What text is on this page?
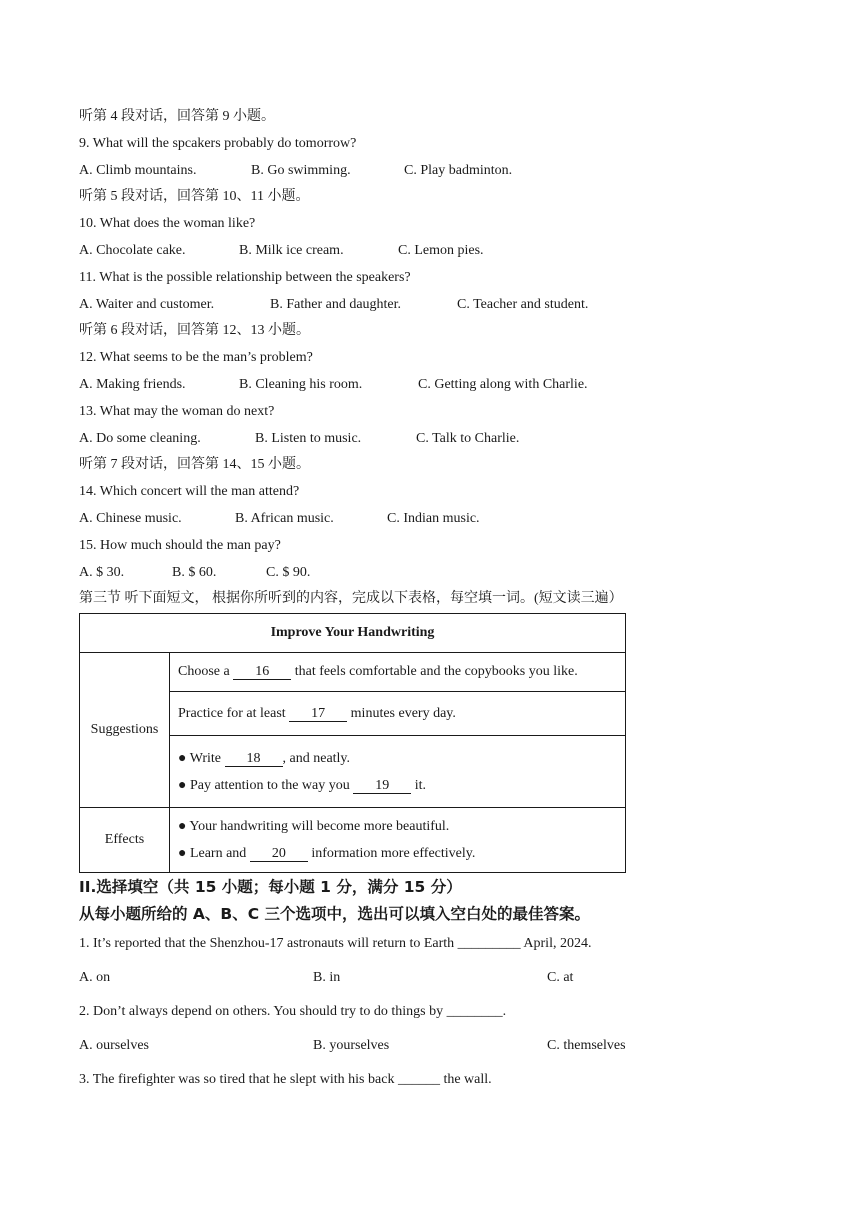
听第 4 段对话，回答第 9 小题。
9. What will the spcakers probably do tomorrow?
A. Climb mountains.	B. Go swimming.	C. Play badminton.
听第 5 段对话，回答第 10、11 小题。
10. What does the woman like?
A. Chocolate cake.	B. Milk ice cream.	C. Lemon pies.
11. What is the possible relationship between the speakers?
A. Waiter and customer.	B. Father and daughter.	C. Teacher and student.
听第 6 段对话，回答第 12、13 小题。
12. What seems to be the man’s problem?
A. Making friends.	B. Cleaning his room.	C. Getting along with Charlie.
13. What may the woman do next?
A. Do some cleaning.	B. Listen to music.	C. Talk to Charlie.
听第 7 段对话，回答第 14、15 小题。
14. Which concert will the man attend?
A. Chinese music.	B. African music.	C. Indian music.
15. How much should the man pay?
A. $ 30.	B. $ 60.	C. $ 90.
第三节 听下面短文， 根据你所听到的内容，完成以下表格，每空填一词。(短文读三遍）
Improve Your Handwriting	
Suggestions	Choose a 16 that feels comfortable and the copybooks you like.
	Practice for at least 17 minutes every day.

	● Write 18 , and neatly.
● Pay attention to the way you 19 it.

Effects	● Your handwriting will become more beautiful.
● Learn and 20 information more effectively.
II.选择填空（共 15 小题；每小题 1 分，满分 15 分）
从每小题所给的 A、B、C 三个选项中，选出可以填入空白处的最佳答案。
1. It’s reported that the Shenzhou-17 astronauts will return to Earth _________ April, 2024.
A. on	B. in	C. at
2. Don’t always depend on others. You should try to do things by ________.
A. ourselves	B. yourselves	C. themselves
3. The firefighter was so tired that he slept with his back ______ the wall.
